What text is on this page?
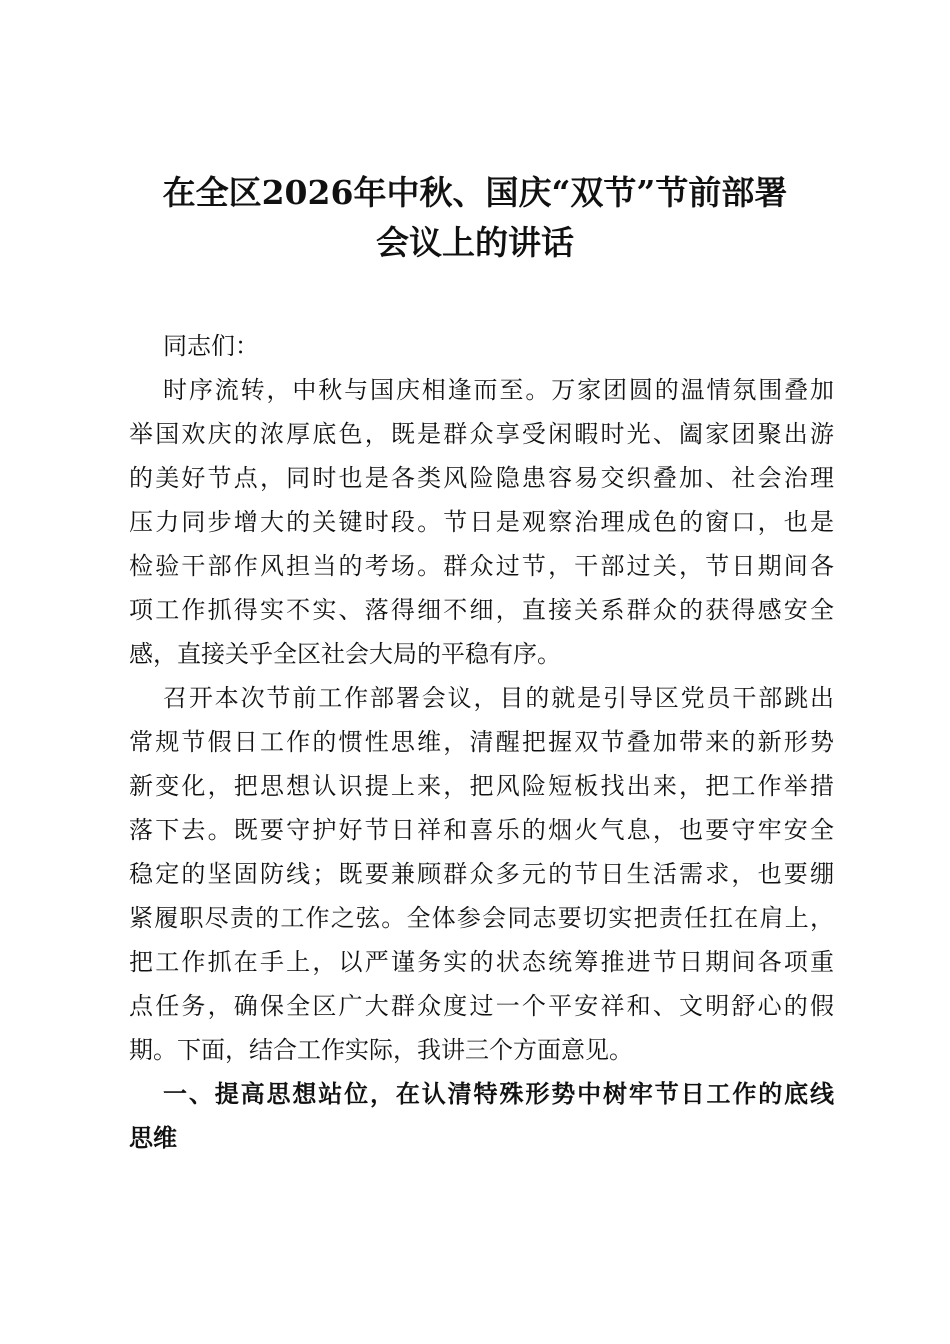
在全区2026年中秋、国庆“双节”节前部署
会议上的讲话
同志们：
时序流转，中秋与国庆相逢而至。万家团圆的温情氛围叠加
举国欢庆的浓厚底色，既是群众享受闲暇时光、阖家团聚出游
的美好节点，同时也是各类风险隐患容易交织叠加、社会治理
压力同步增大的关键时段。节日是观察治理成色的窗口，也是
检验干部作风担当的考场。群众过节，干部过关，节日期间各
项工作抓得实不实、落得细不细，直接关系群众的获得感安全
感，直接关乎全区社会大局的平稳有序。
召开本次节前工作部署会议，目的就是引导区党员干部跳出
常规节假日工作的惯性思维，清醒把握双节叠加带来的新形势
新变化，把思想认识提上来，把风险短板找出来，把工作举措
落下去。既要守护好节日祥和喜乐的烟火气息，也要守牢安全
稳定的坚固防线；既要兼顾群众多元的节日生活需求，也要绷
紧履职尽责的工作之弦。全体参会同志要切实把责任扛在肩上，
把工作抓在手上，以严谨务实的状态统筹推进节日期间各项重
点任务，确保全区广大群众度过一个平安祥和、文明舒心的假
期。下面，结合工作实际，我讲三个方面意见。
一、提高思想站位，在认清特殊形势中树牢节日工作的底线
思维
